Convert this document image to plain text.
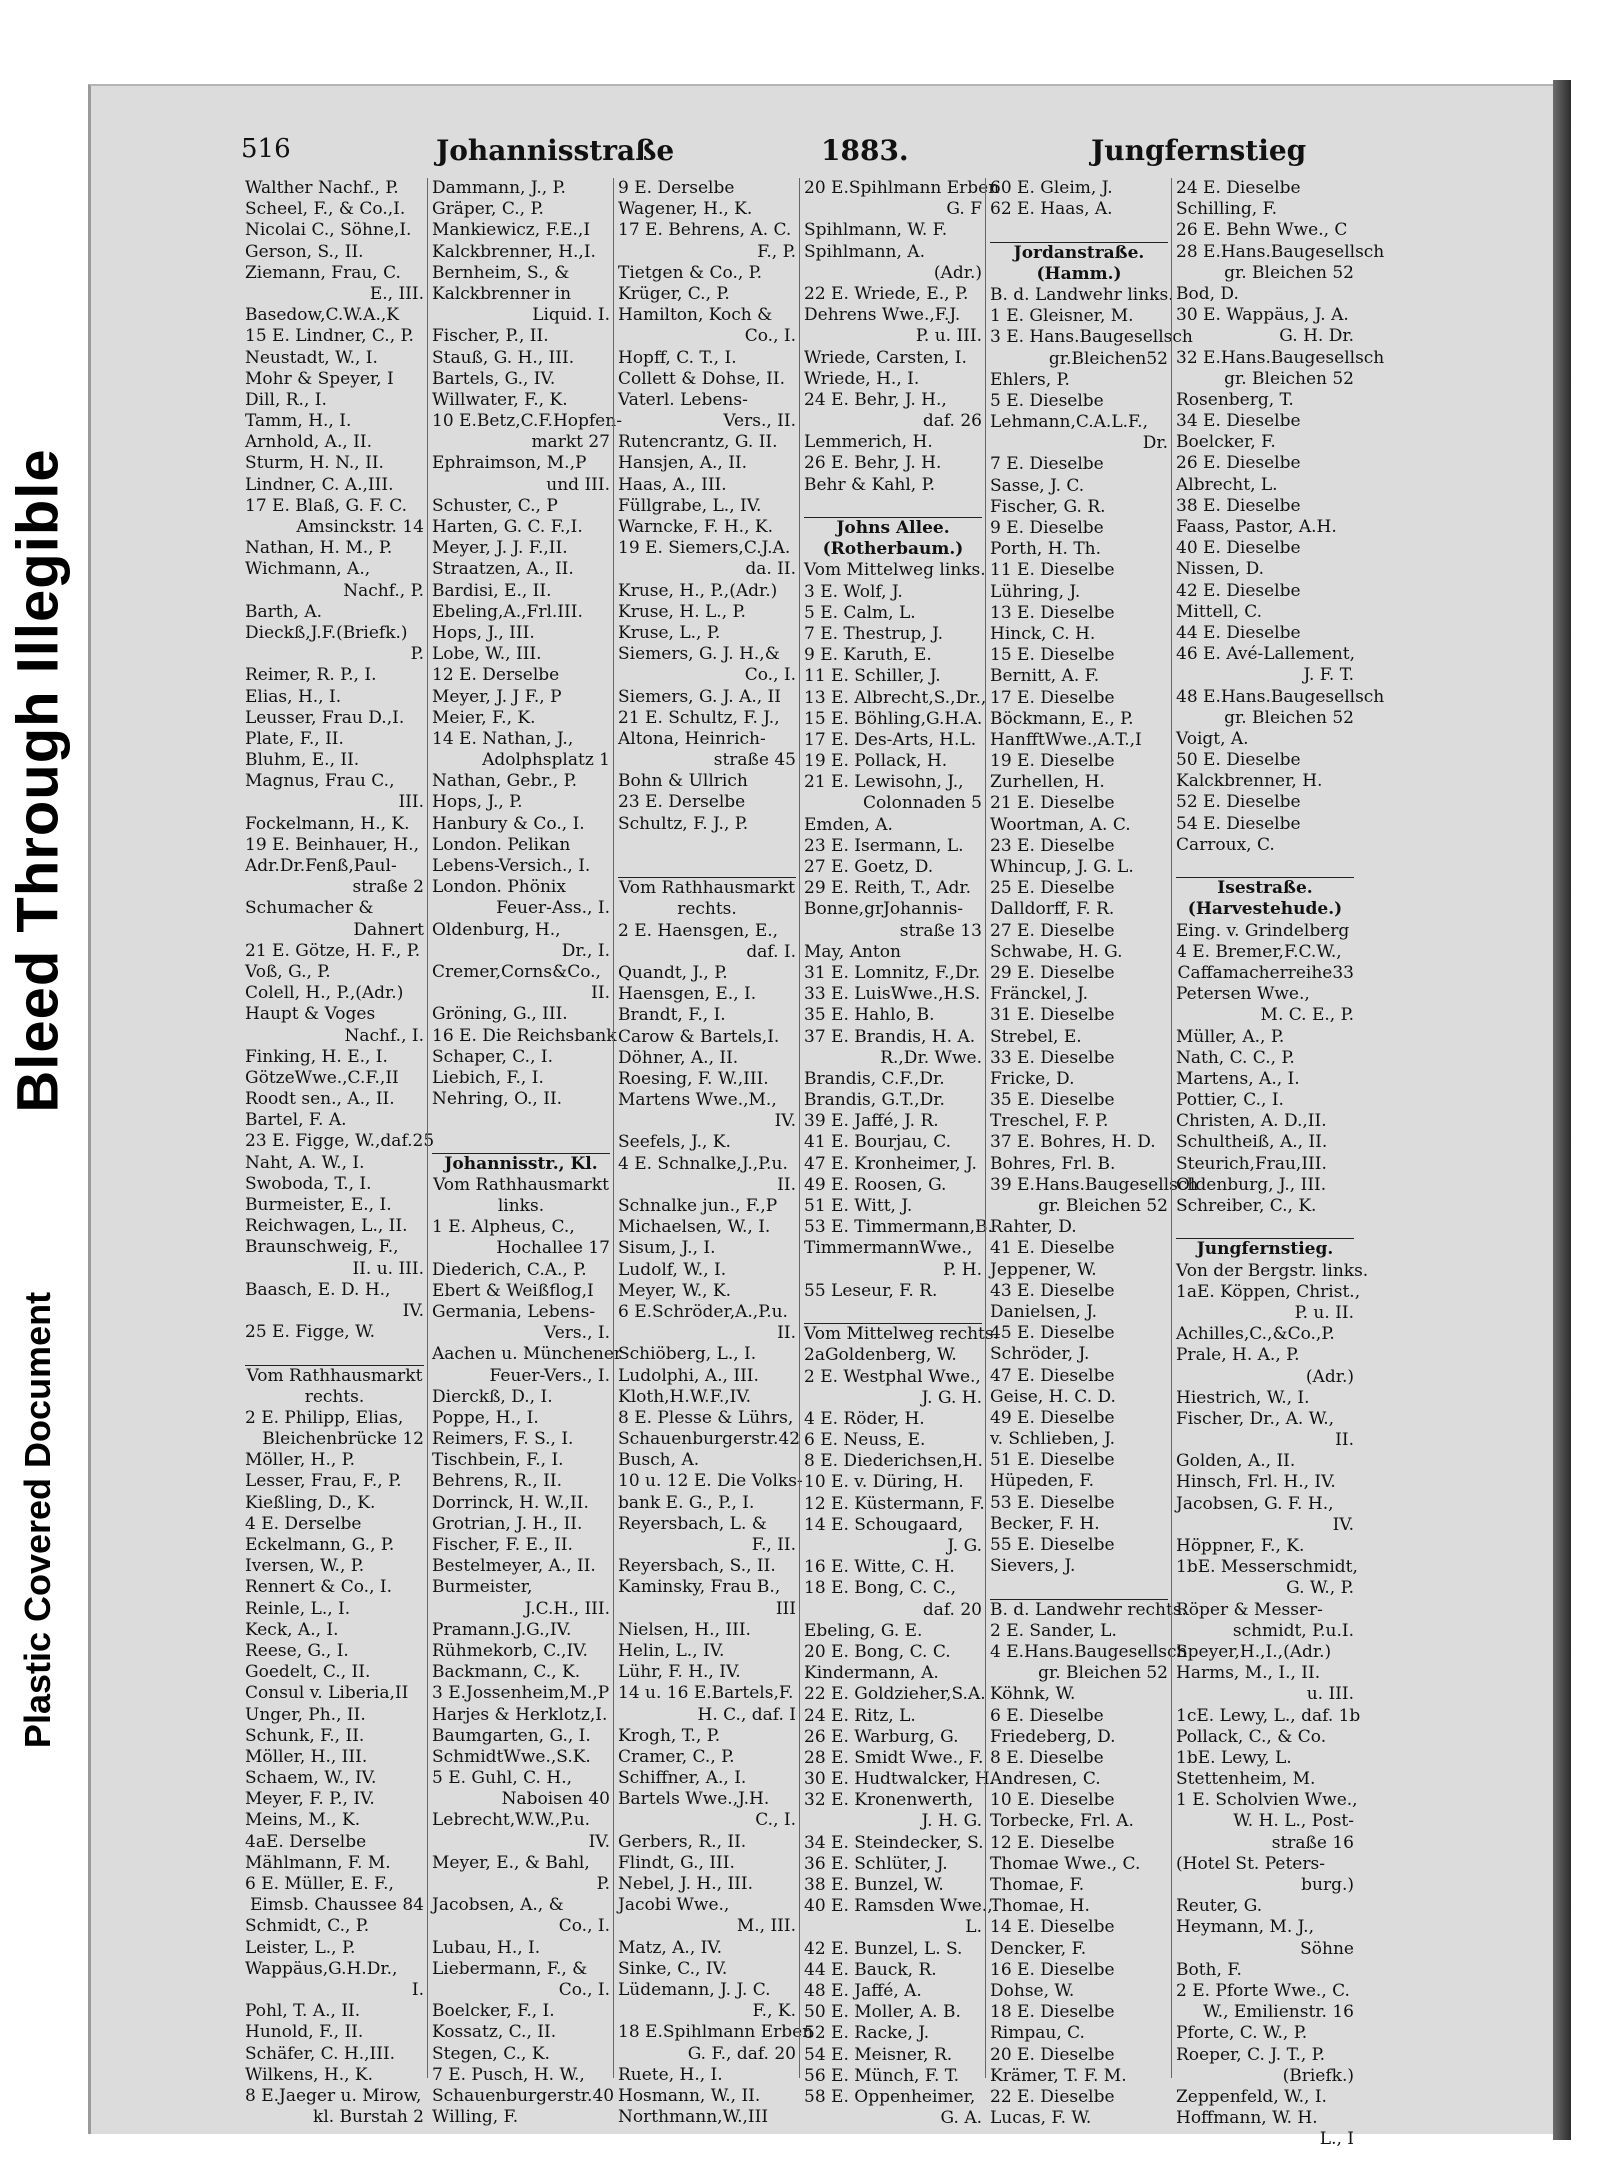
Bleed Through Illegible
Plastic Covered Document
516	Johannisstraße	1883.	Jungfernstieg
Walther Nachf., P.
Scheel, F., & Co.,I.
Nicolai C., Söhne,I.
Gerson, S., II.
Ziemann, Frau, C.
E., III.
Basedow,C.W.A.,K
15 E. Lindner, C., P.
Neustadt, W., I.
Mohr & Speyer, I
Dill, R., I.
Tamm, H., I.
Arnhold, A., II.
Sturm, H. N., II.
Lindner, C. A.,III.
17 E. Blaß, G. F. C.
Amsinckstr. 14
Nathan, H. M., P.
Wichmann, A.,
Nachf., P.
Barth, A.
Dieckß,J.F.(Briefk.)
P.
Reimer, R. P., I.
Elias, H., I.
Leusser, Frau D.,I.
Plate, F., II.
Bluhm, E., II.
Magnus, Frau C.,
III.
Fockelmann, H., K.
19 E. Beinhauer, H.,
Adr.Dr.Fenß,Paul-
straße 2
Schumacher &
Dahnert
21 E. Götze, H. F., P.
Voß, G., P.
Colell, H., P.,(Adr.)
Haupt & Voges
Nachf., I.
Finking, H. E., I.
GötzeWwe.,C.F.,II
Roodt sen., A., II.
Bartel, F. A.
23 E. Figge, W.,daf.25
Naht, A. W., I.
Swoboda, T., I.
Burmeister, E., I.
Reichwagen, L., II.
Braunschweig, F.,
II. u. III.
Baasch, E. D. H.,
IV.
25 E. Figge, W.
Vom Rathhausmarkt
rechts.
2 E. Philipp, Elias,
Bleichenbrücke 12
Möller, H., P.
Lesser, Frau, F., P.
Kießling, D., K.
4 E. Derselbe
Eckelmann, G., P.
Iversen, W., P.
Rennert & Co., I.
Reinle, L., I.
Keck, A., I.
Reese, G., I.
Goedelt, C., II.
Consul v. Liberia,II
Unger, Ph., II.
Schunk, F., II.
Möller, H., III.
Schaem, W., IV.
Meyer, F. P., IV.
Meins, M., K.
4aE. Derselbe
Mählmann, F. M.
6 E. Müller, E. F.,
Eimsb. Chaussee 84
Schmidt, C., P.
Leister, L., P.
Wappäus,G.H.Dr.,
I.
Pohl, T. A., II.
Hunold, F., II.
Schäfer, C. H.,III.
Wilkens, H., K.
8 E.Jaeger u. Mirow,
kl. Burstah 2
Dammann, J., P.
Gräper, C., P.
Mankiewicz, F.E.,I
Kalckbrenner, H.,I.
Bernheim, S., &
Kalckbrenner in
Liquid. I.
Fischer, P., II.
Stauß, G. H., III.
Bartels, G., IV.
Willwater, F., K.
10 E.Betz,C.F.Hopfen-
markt 27
Ephraimson, M.,P
und III.
Schuster, C., P
Harten, G. C. F.,I.
Meyer, J. J. F.,II.
Straatzen, A., II.
Bardisi, E., II.
Ebeling,A.,Frl.III.
Hops, J., III.
Lobe, W., III.
12 E. Derselbe
Meyer, J. J F., P
Meier, F., K.
14 E. Nathan, J.,
Adolphsplatz 1
Nathan, Gebr., P.
Hops, J., P.
Hanbury & Co., I.
London. Pelikan
Lebens-Versich., I.
London. Phönix
Feuer-Ass., I.
Oldenburg, H.,
Dr., I.
Cremer,Corns&Co.,
II.
Gröning, G., III.
16 E. Die Reichsbank
Schaper, C., I.
Liebich, F., I.
Nehring, O., II.
Johannisstr., Kl.
Vom Rathhausmarkt
links.
1 E. Alpheus, C.,
Hochallee 17
Diederich, C.A., P.
Ebert & Weißflog,I
Germania, Lebens-
Vers., I.
Aachen u. Münchener
Feuer-Vers., I.
Dierckß, D., I.
Poppe, H., I.
Reimers, F. S., I.
Tischbein, F., I.
Behrens, R., II.
Dorrinck, H. W.,II.
Grotrian, J. H., II.
Fischer, F. E., II.
Bestelmeyer, A., II.
Burmeister,
J.C.H., III.
Pramann.J.G.,IV.
Rühmekorb, C.,IV.
Backmann, C., K.
3 E.Jossenheim,M.,P
Harjes & Herklotz,I.
Baumgarten, G., I.
SchmidtWwe.,S.K.
5 E. Guhl, C. H.,
Naboisen 40
Lebrecht,W.W.,P.u.
IV.
Meyer, E., & Bahl,
P.
Jacobsen, A., &
Co., I.
Lubau, H., I.
Liebermann, F., &
Co., I.
Boelcker, F., I.
Kossatz, C., II.
Stegen, C., K.
7 E. Pusch, H. W.,
Schauenburgerstr.40
Willing, F.
9 E. Derselbe
Wagener, H., K.
17 E. Behrens, A. C.
F., P.
Tietgen & Co., P.
Krüger, C., P.
Hamilton, Koch &
Co., I.
Hopff, C. T., I.
Collett & Dohse, II.
Vaterl. Lebens-
Vers., II.
Rutencrantz, G. II.
Hansjen, A., II.
Haas, A., III.
Füllgrabe, L., IV.
Warncke, F. H., K.
19 E. Siemers,C.J.A.
da. II.
Kruse, H., P.,(Adr.)
Kruse, H. L., P.
Kruse, L., P.
Siemers, G. J. H.,&
Co., I.
Siemers, G. J. A., II
21 E. Schultz, F. J.,
Altona, Heinrich-
straße 45
Bohn & Ullrich
23 E. Derselbe
Schultz, F. J., P.
Vom Rathhausmarkt
rechts.
2 E. Haensgen, E.,
daf. I.
Quandt, J., P.
Haensgen, E., I.
Brandt, F., I.
Carow & Bartels,I.
Döhner, A., II.
Roesing, F. W.,III.
Martens Wwe.,M.,
IV.
Seefels, J., K.
4 E. Schnalke,J.,P.u.
II.
Schnalke jun., F.,P
Michaelsen, W., I.
Sisum, J., I.
Ludolf, W., I.
Meyer, W., K.
6 E.Schröder,A.,P.u.
II.
Schiöberg, L., I.
Ludolphi, A., III.
Kloth,H.W.F.,IV.
8 E. Plesse & Lührs,
Schauenburgerstr.42
Busch, A.
10 u. 12 E. Die Volks-
bank E. G., P., I.
Reyersbach, L. &
F., II.
Reyersbach, S., II.
Kaminsky, Frau B.,
III
Nielsen, H., III.
Helin, L., IV.
Lühr, F. H., IV.
14 u. 16 E.Bartels,F.
H. C., daf. I
Krogh, T., P.
Cramer, C., P.
Schiffner, A., I.
Bartels Wwe.,J.H.
C., I.
Gerbers, R., II.
Flindt, G., III.
Nebel, J. H., III.
Jacobi Wwe.,
M., III.
Matz, A., IV.
Sinke, C., IV.
Lüdemann, J. J. C.
F., K.
18 E.Spihlmann Erben
G. F., daf. 20
Ruete, H., I.
Hosmann, W., II.
Northmann,W.,III
20 E.Spihlmann Erben
G. F
Spihlmann, W. F.
Spihlmann, A.
(Adr.)
22 E. Wriede, E., P.
Dehrens Wwe.,F.J.
P. u. III.
Wriede, Carsten, I.
Wriede, H., I.
24 E. Behr, J. H.,
daf. 26
Lemmerich, H.
26 E. Behr, J. H.
Behr & Kahl, P.
Johns Allee.
(Rotherbaum.)
Vom Mittelweg links.
3 E. Wolf, J.
5 E. Calm, L.
7 E. Thestrup, J.
9 E. Karuth, E.
11 E. Schiller, J.
13 E. Albrecht,S.,Dr.,
15 E. Böhling,G.H.A.
17 E. Des-Arts, H.L.
19 E. Pollack, H.
21 E. Lewisohn, J.,
Colonnaden 5
Emden, A.
23 E. Isermann, L.
27 E. Goetz, D.
29 E. Reith, T., Adr.
Bonne,grJohannis-
straße 13
May, Anton
31 E. Lomnitz, F.,Dr.
33 E. LuisWwe.,H.S.
35 E. Hahlo, B.
37 E. Brandis, H. A.
R.,Dr. Wwe.
Brandis, C.F.,Dr.
Brandis, G.T.,Dr.
39 E. Jaffé, J. R.
41 E. Bourjau, C.
47 E. Kronheimer, J.
49 E. Roosen, G.
51 E. Witt, J.
53 E. Timmermann,B.
TimmermannWwe.,
P. H.
55 Leseur, F. R.
Vom Mittelweg rechts.
2aGoldenberg, W.
2 E. Westphal Wwe.,
J. G. H.
4 E. Röder, H.
6 E. Neuss, E.
8 E. Diederichsen,H.
10 E. v. Düring, H.
12 E. Küstermann, F.
14 E. Schougaard,
J. G.
16 E. Witte, C. H.
18 E. Bong, C. C.,
daf. 20
Ebeling, G. E.
20 E. Bong, C. C.
Kindermann, A.
22 E. Goldzieher,S.A.
24 E. Ritz, L.
26 E. Warburg, G.
28 E. Smidt Wwe., F.
30 E. Hudtwalcker, H.
32 E. Kronenwerth,
J. H. G.
34 E. Steindecker, S.
36 E. Schlüter, J.
38 E. Bunzel, W.
40 E. Ramsden Wwe.,
L.
42 E. Bunzel, L. S.
44 E. Bauck, R.
48 E. Jaffé, A.
50 E. Moller, A. B.
52 E. Racke, J.
54 E. Meisner, R.
56 E. Münch, F. T.
58 E. Oppenheimer,
G. A.
60 E. Gleim, J.
62 E. Haas, A.
Jordanstraße.
(Hamm.)
B. d. Landwehr links.
1 E. Gleisner, M.
3 E. Hans.Baugesellsch
gr.Bleichen52
Ehlers, P.
5 E. Dieselbe
Lehmann,C.A.L.F.,
Dr.
7 E. Dieselbe
Sasse, J. C.
Fischer, G. R.
9 E. Dieselbe
Porth, H. Th.
11 E. Dieselbe
Lühring, J.
13 E. Dieselbe
Hinck, C. H.
15 E. Dieselbe
Bernitt, A. F.
17 E. Dieselbe
Böckmann, E., P.
HanfftWwe.,A.T.,I
19 E. Dieselbe
Zurhellen, H.
21 E. Dieselbe
Woortman, A. C.
23 E. Dieselbe
Whincup, J. G. L.
25 E. Dieselbe
Dalldorff, F. R.
27 E. Dieselbe
Schwabe, H. G.
29 E. Dieselbe
Fränckel, J.
31 E. Dieselbe
Strebel, E.
33 E. Dieselbe
Fricke, D.
35 E. Dieselbe
Treschel, F. P.
37 E. Bohres, H. D.
Bohres, Frl. B.
39 E.Hans.Baugesellsch
gr. Bleichen 52
Rahter, D.
41 E. Dieselbe
Jeppener, W.
43 E. Dieselbe
Danielsen, J.
45 E. Dieselbe
Schröder, J.
47 E. Dieselbe
Geise, H. C. D.
49 E. Dieselbe
v. Schlieben, J.
51 E. Dieselbe
Hüpeden, F.
53 E. Dieselbe
Becker, F. H.
55 E. Dieselbe
Sievers, J.
B. d. Landwehr rechts.
2 E. Sander, L.
4 E.Hans.Baugesellsch
gr. Bleichen 52
Köhnk, W.
6 E. Dieselbe
Friedeberg, D.
8 E. Dieselbe
Andresen, C.
10 E. Dieselbe
Torbecke, Frl. A.
12 E. Dieselbe
Thomae Wwe., C.
Thomae, F.
Thomae, H.
14 E. Dieselbe
Dencker, F.
16 E. Dieselbe
Dohse, W.
18 E. Dieselbe
Rimpau, C.
20 E. Dieselbe
Krämer, T. F. M.
22 E. Dieselbe
Lucas, F. W.
24 E. Dieselbe
Schilling, F.
26 E. Behn Wwe., C
28 E.Hans.Baugesellsch
gr. Bleichen 52
Bod, D.
30 E. Wappäus, J. A.
G. H. Dr.
32 E.Hans.Baugesellsch
gr. Bleichen 52
Rosenberg, T.
34 E. Dieselbe
Boelcker, F.
26 E. Dieselbe
Albrecht, L.
38 E. Dieselbe
Faass, Pastor, A.H.
40 E. Dieselbe
Nissen, D.
42 E. Dieselbe
Mittell, C.
44 E. Dieselbe
46 E. Avé-Lallement,
J. F. T.
48 E.Hans.Baugesellsch
gr. Bleichen 52
Voigt, A.
50 E. Dieselbe
Kalckbrenner, H.
52 E. Dieselbe
54 E. Dieselbe
Carroux, C.
Isestraße.
(Harvestehude.)
Eing. v. Grindelberg
4 E. Bremer,F.C.W.,
Caffamacherreihe33
Petersen Wwe.,
M. C. E., P.
Müller, A., P.
Nath, C. C., P.
Martens, A., I.
Pottier, C., I.
Christen, A. D.,II.
Schultheiß, A., II.
Steurich,Frau,III.
Oldenburg, J., III.
Schreiber, C., K.
Jungfernstieg.
Von der Bergstr. links.
1aE. Köppen, Christ.,
P. u. II.
Achilles,C.,&Co.,P.
Prale, H. A., P.
(Adr.)
Hiestrich, W., I.
Fischer, Dr., A. W.,
II.
Golden, A., II.
Hinsch, Frl. H., IV.
Jacobsen, G. F. H.,
IV.
Höppner, F., K.
1bE. Messerschmidt,
G. W., P.
Röper & Messer-
schmidt, P.u.I.
Speyer,H.,I.,(Adr.)
Harms, M., I., II.
u. III.
1cE. Lewy, L., daf. 1b
Pollack, C., & Co.
1bE. Lewy, L.
Stettenheim, M.
1 E. Scholvien Wwe.,
W. H. L., Post-
straße 16
(Hotel St. Peters-
burg.)
Reuter, G.
Heymann, M. J.,
Söhne
Both, F.
2 E. Pforte Wwe., C.
W., Emilienstr. 16
Pforte, C. W., P.
Roeper, C. J. T., P.
(Briefk.)
Zeppenfeld, W., I.
Hoffmann, W. H.
L., I
